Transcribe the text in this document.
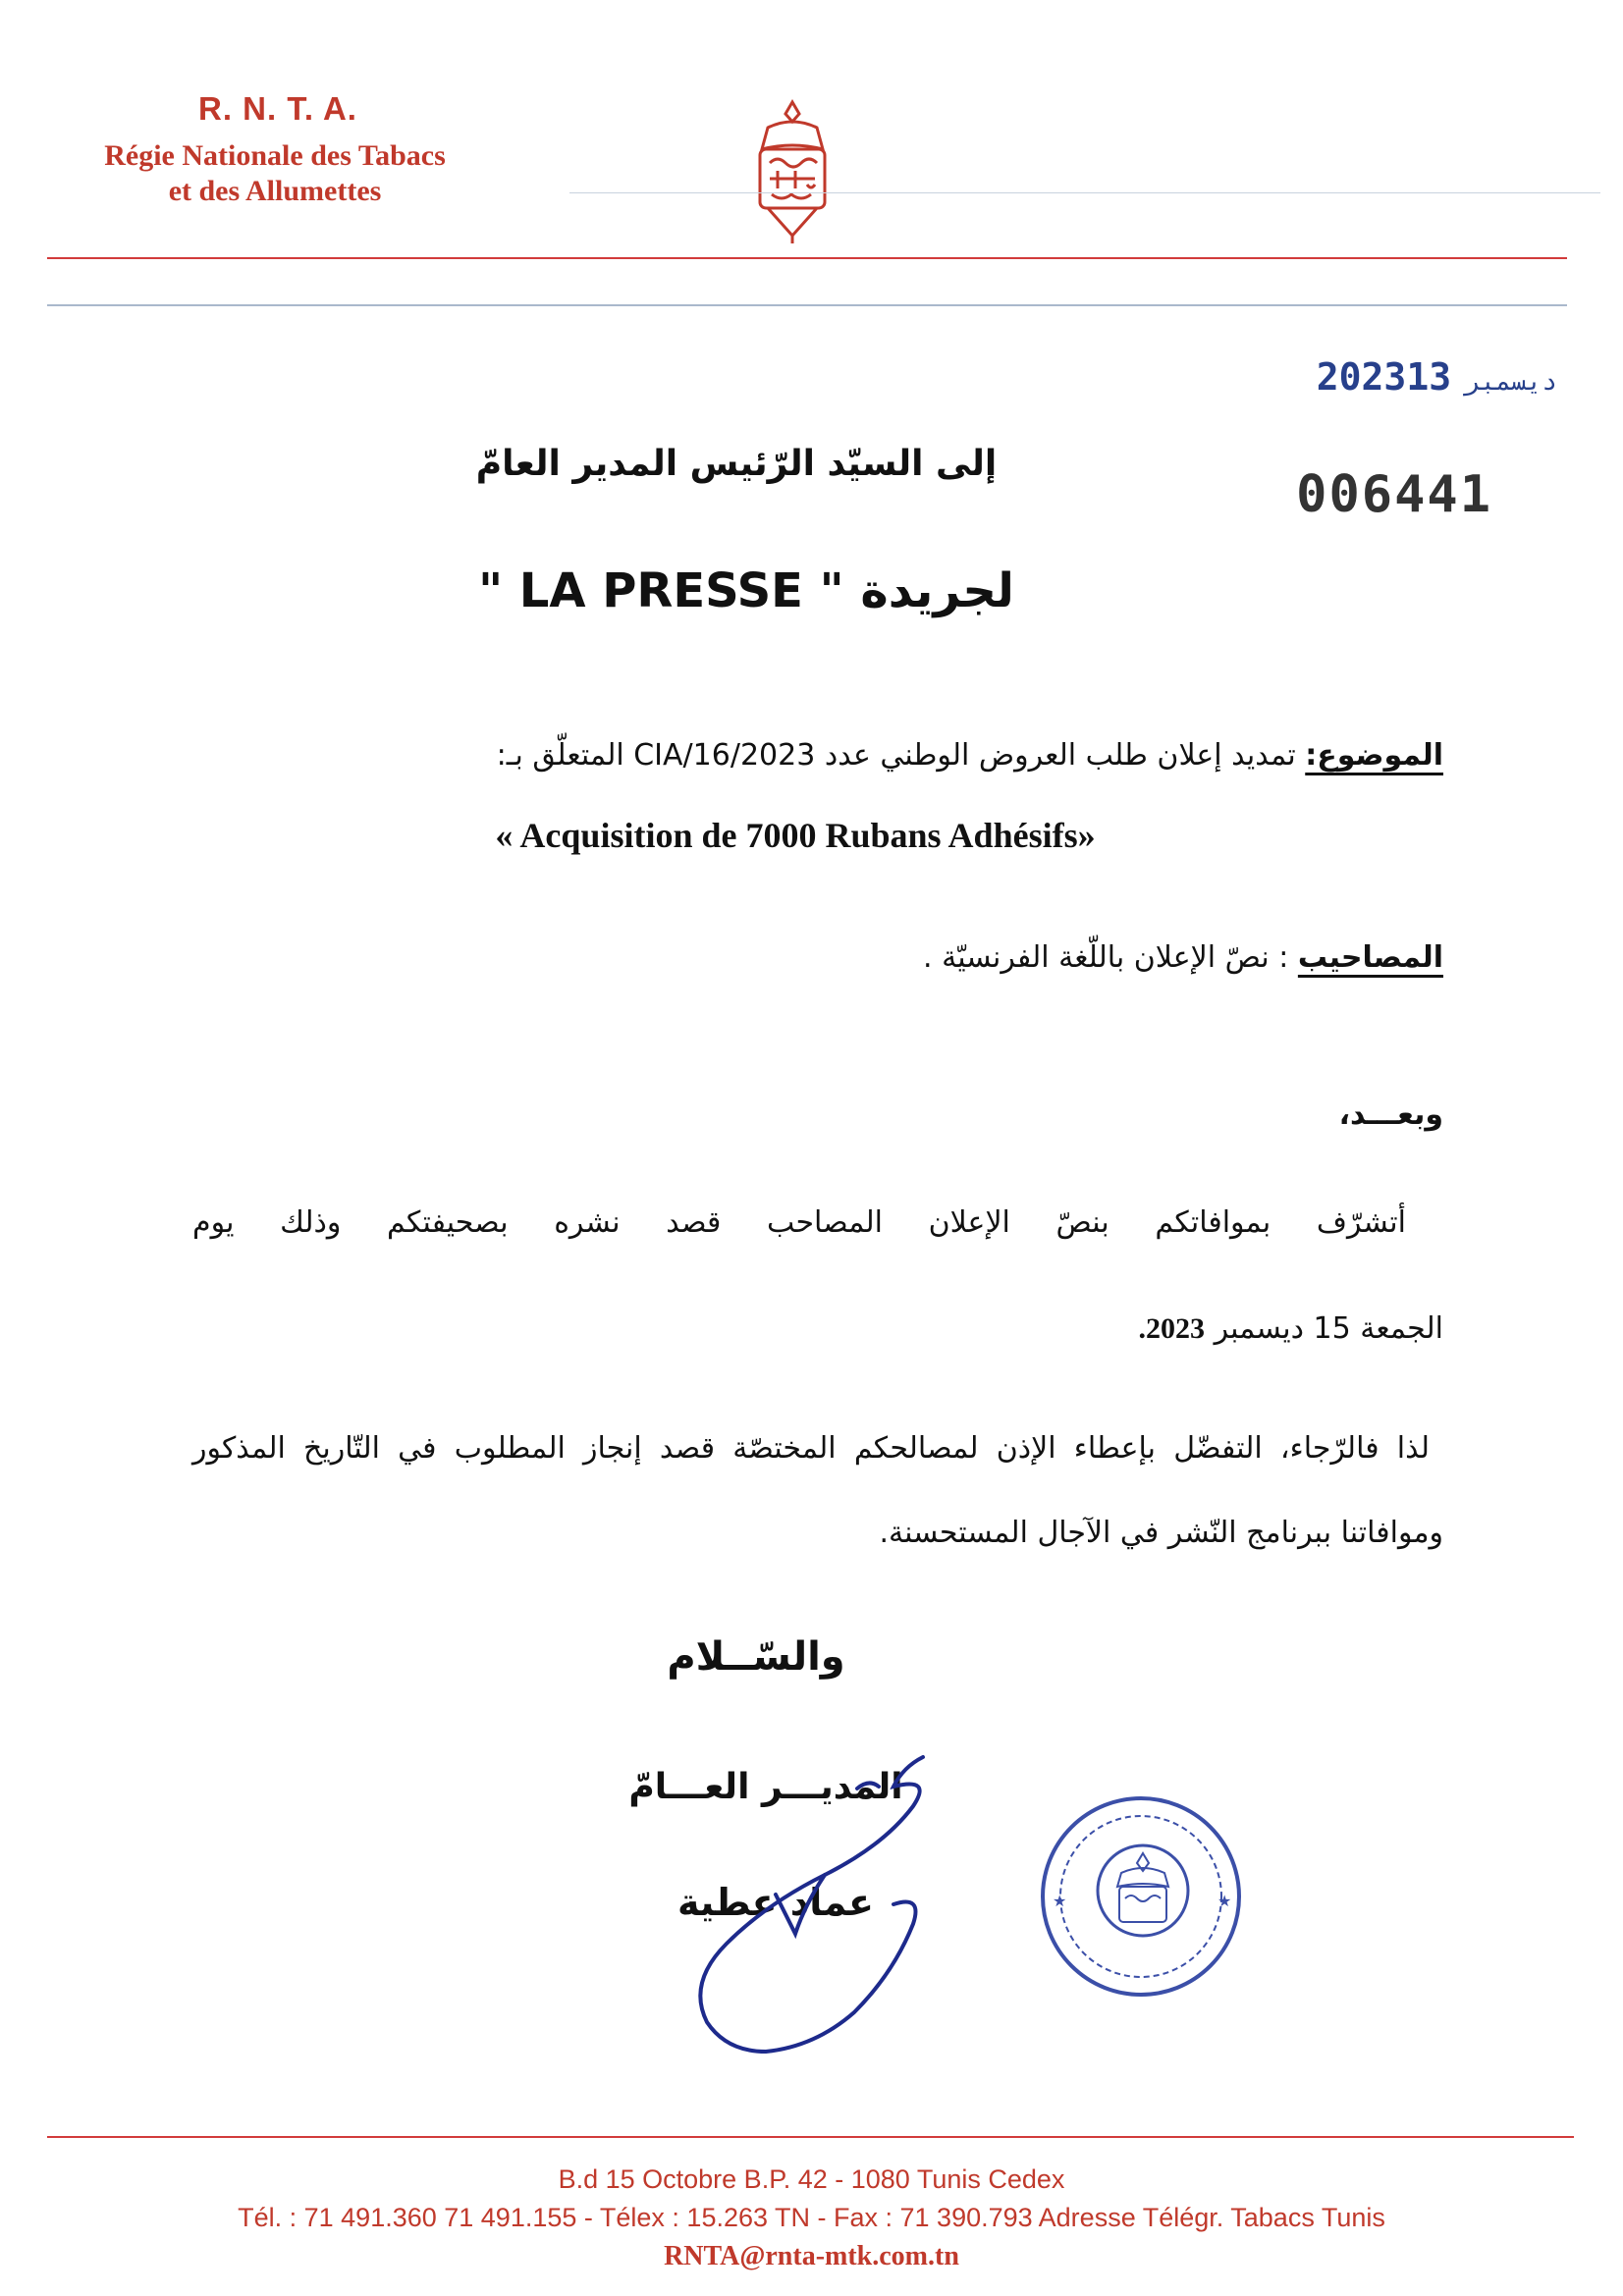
R. N. T. A.
Régie Nationale des Tabacs
et des Allumettes
2023 ديسمبر13
006441
إلى السيّد الرّئيس المدير العامّ
لجريدة " LA PRESSE "
الموضوع: تمديد إعلان طلب العروض الوطني عدد 2023/CIA/16 المتعلّق بـ:
« Acquisition de 7000 Rubans Adhésifs»
المصاحيب : نصّ الإعلان باللّغة الفرنسيّة .
وبعـــد،
أتشرّف بموافاتكم بنصّ الإعلان المصاحب قصد نشره بصحيفتكم وذلك يوم
الجمعة 15 ديسمبر 2023.
لذا فالرّجاء، التفضّل بإعطاء الإذن لمصالحكم المختصّة قصد إنجاز المطلوب في التّاريخ المذكور
وموافاتنا ببرنامج النّشر في الآجال المستحسنة.
والسّــلام
المديـــر العـــامّ
عماد عطية	★	★
B.d 15 Octobre B.P. 42 - 1080 Tunis Cedex
Tél. : 71 491.360 71 491.155 - Télex : 15.263 TN - Fax : 71 390.793 Adresse Télégr. Tabacs Tunis
RNTA@rnta-mtk.com.tn
